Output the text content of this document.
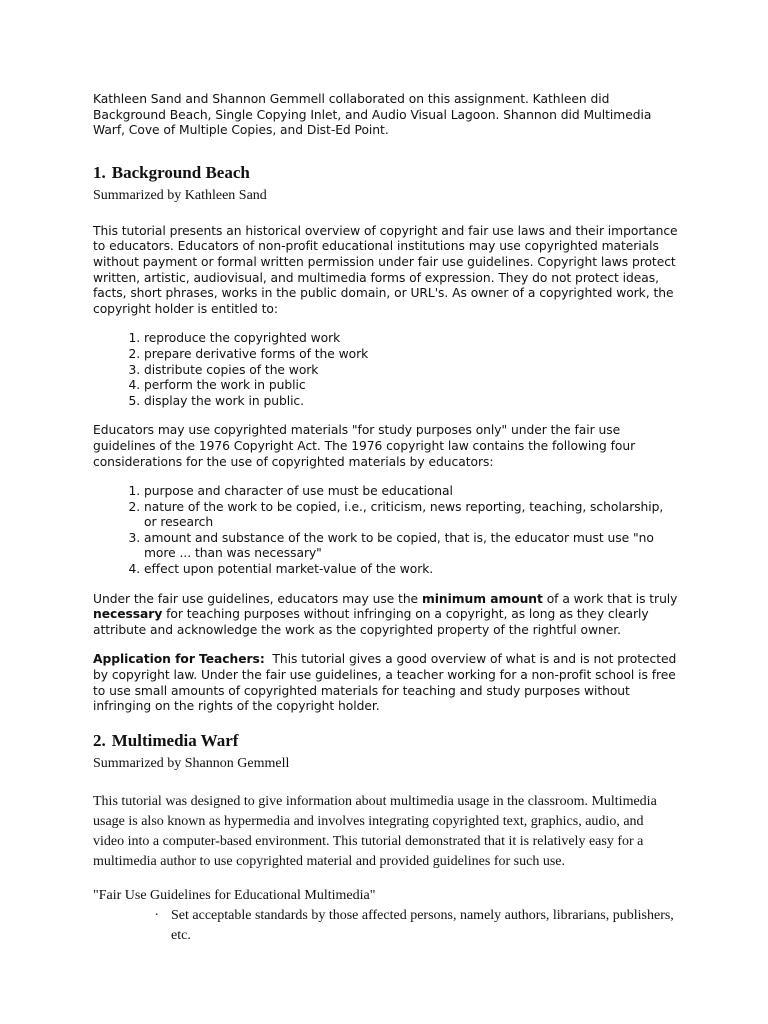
Kathleen Sand and Shannon Gemmell collaborated on this assignment. Kathleen did Background Beach, Single Copying Inlet, and Audio Visual Lagoon. Shannon did Multimedia Warf, Cove of Multiple Copies, and Dist-Ed Point.

1. Background Beach

Summarized by Kathleen Sand

This tutorial presents an historical overview of copyright and fair use laws and their importance to educators. Educators of non-profit educational institutions may use copyrighted materials without payment or formal written permission under fair use guidelines. Copyright laws protect written, artistic, audiovisual, and multimedia forms of expression. They do not protect ideas, facts, short phrases, works in the public domain, or URL's. As owner of a copyrighted work, the copyright holder is entitled to:

1. reproduce the copyrighted work
2. prepare derivative forms of the work
3. distribute copies of the work
4. perform the work in public
5. display the work in public.

Educators may use copyrighted materials "for study purposes only" under the fair use guidelines of the 1976 Copyright Act. The 1976 copyright law contains the following four considerations for the use of copyrighted materials by educators:

1. purpose and character of use must be educational
2. nature of the work to be copied, i.e., criticism, news reporting, teaching, scholarship, or research
3. amount and substance of the work to be copied, that is, the educator must use "no more ... than was necessary"
4. effect upon potential market-value of the work.

Under the fair use guidelines, educators may use the minimum amount of a work that is truly necessary for teaching purposes without infringing on a copyright, as long as they clearly attribute and acknowledge the work as the copyrighted property of the rightful owner.

Application for Teachers:  This tutorial gives a good overview of what is and is not protected by copyright law. Under the fair use guidelines, a teacher working for a non-profit school is free to use small amounts of copyrighted materials for teaching and study purposes without infringing on the rights of the copyright holder.

2. Multimedia Warf

Summarized by Shannon Gemmell

This tutorial was designed to give information about multimedia usage in the classroom. Multimedia usage is also known as hypermedia and involves integrating copyrighted text, graphics, audio, and video into a computer-based environment. This tutorial demonstrated that it is relatively easy for a multimedia author to use copyrighted material and provided guidelines for such use.

"Fair Use Guidelines for Educational Multimedia"

· Set acceptable standards by those affected persons, namely authors, librarians, publishers, etc.
